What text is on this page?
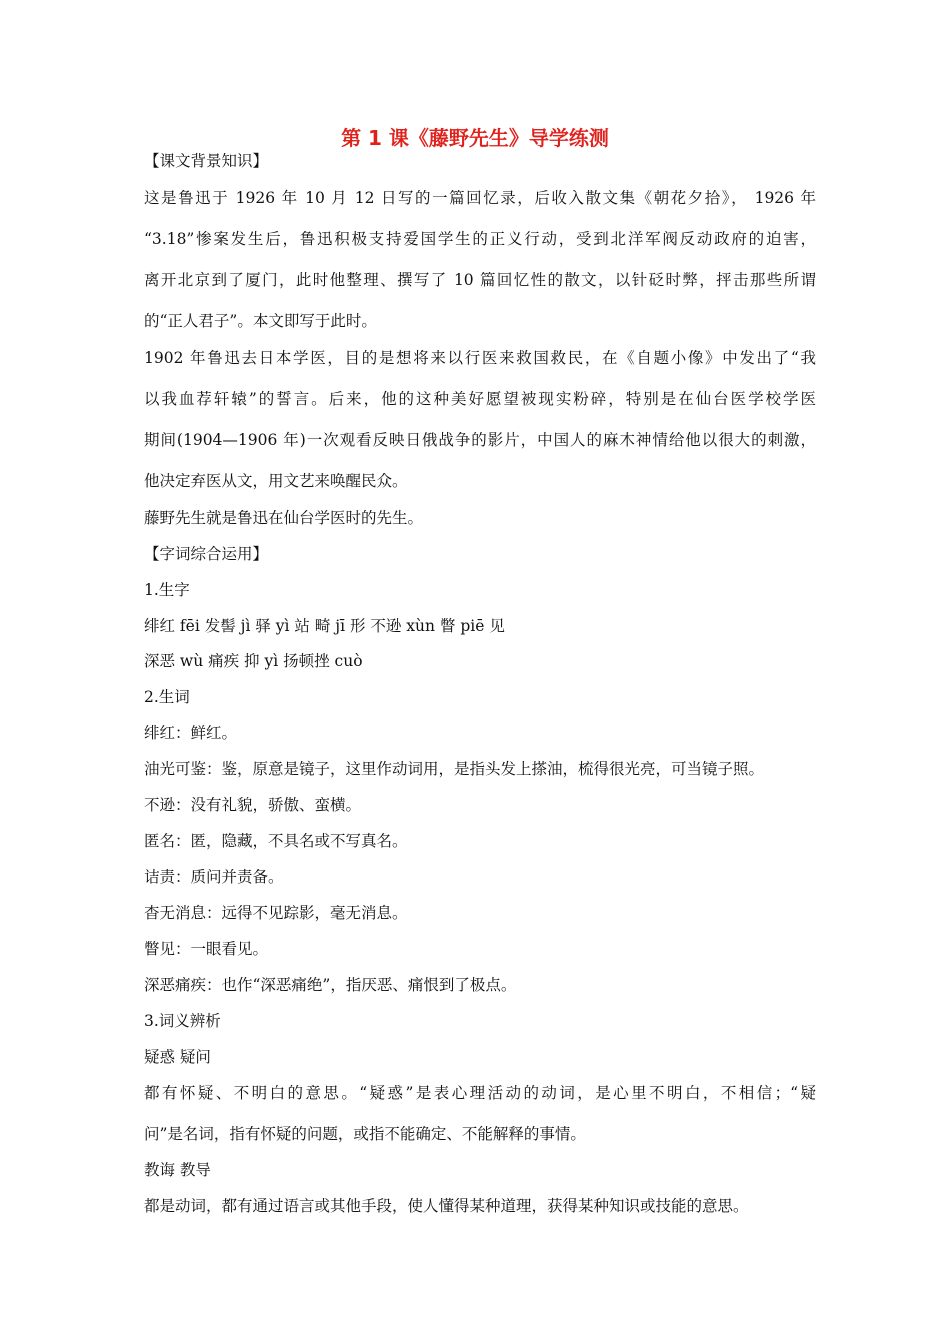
第 1 课《藤野先生》导学练测
【课文背景知识】
这是鲁迅于 1926 年 10 月 12 日写的一篇回忆录，后收入散文集《朝花夕拾》， 1926 年
“3.18”惨案发生后，鲁迅积极支持爱国学生的正义行动，受到北洋军阀反动政府的迫害，
离开北京到了厦门，此时他整理、撰写了 10 篇回忆性的散文，以针砭时弊，抨击那些所谓
的“正人君子”。本文即写于此时。
1902 年鲁迅去日本学医，目的是想将来以行医来救国救民，在《自题小像》中发出了“我
以我血荐轩辕”的誓言。后来，他的这种美好愿望被现实粉碎，特别是在仙台医学校学医
期间(1904—1906 年)一次观看反映日俄战争的影片，中国人的麻木神情给他以很大的刺激，
他决定弃医从文，用文艺来唤醒民众。
藤野先生就是鲁迅在仙台学医时的先生。
【字词综合运用】
1.生字
绯红 fēi 发髻 jì 驿 yì 站 畸 jī 形 不逊 xùn 瞥 piē 见
深恶 wù 痛疾 抑 yì 扬顿挫 cuò
2.生词
绯红：鲜红。
油光可鉴：鉴，原意是镜子，这里作动词用，是指头发上搽油，梳得很光亮，可当镜子照。
不逊：没有礼貌，骄傲、蛮横。
匿名：匿，隐藏，不具名或不写真名。
诘责：质问并责备。
杳无消息：远得不见踪影，毫无消息。
瞥见：一眼看见。
深恶痛疾：也作“深恶痛绝”，指厌恶、痛恨到了极点。
3.词义辨析
疑惑 疑问
都有怀疑、不明白的意思。“疑惑”是表心理活动的动词，是心里不明白，不相信；“疑
问”是名词，指有怀疑的问题，或指不能确定、不能解释的事情。
教诲 教导
都是动词，都有通过语言或其他手段，使人懂得某种道理，获得某种知识或技能的意思。
